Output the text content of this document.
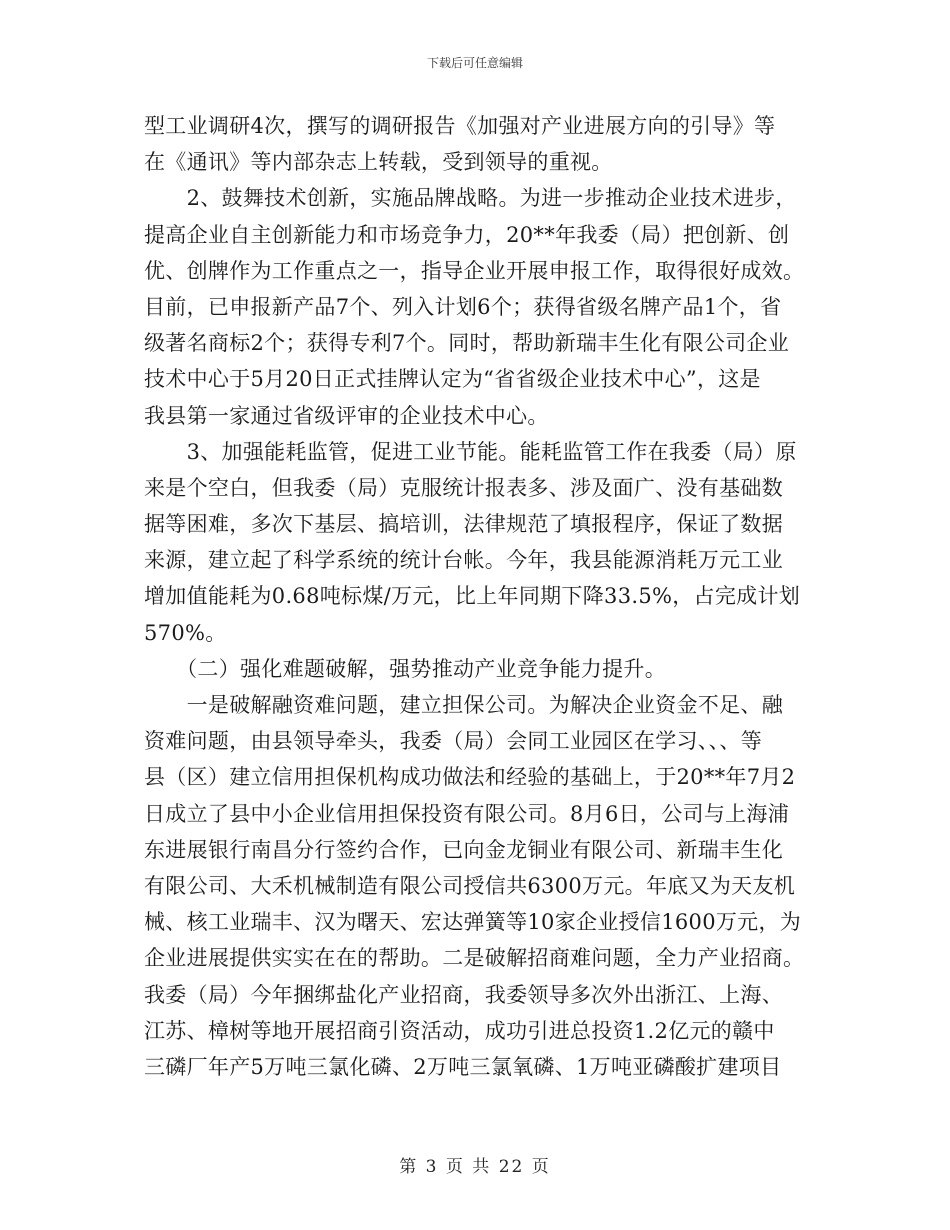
下载后可任意编辑
型工业调研4次，撰写的调研报告《加强对产业进展方向的引导》等
在《通讯》等内部杂志上转载，受到领导的重视。
　　2、鼓舞技术创新，实施品牌战略。为进一步推动企业技术进步，
提高企业自主创新能力和市场竞争力，20**年我委（局）把创新、创
优、创牌作为工作重点之一，指导企业开展申报工作，取得很好成效。
目前，已申报新产品7个、列入计划6个；获得省级名牌产品1个，省
级著名商标2个；获得专利7个。同时，帮助新瑞丰生化有限公司企业
技术中心于5月20日正式挂牌认定为“省省级企业技术中心”，这是
我县第一家通过省级评审的企业技术中心。
　　3、加强能耗监管，促进工业节能。能耗监管工作在我委（局）原
来是个空白，但我委（局）克服统计报表多、涉及面广、没有基础数
据等困难，多次下基层、搞培训，法律规范了填报程序，保证了数据
来源，建立起了科学系统的统计台帐。今年，我县能源消耗万元工业
增加值能耗为0.68吨标煤/万元，比上年同期下降33.5%，占完成计划
570%。
　　（二）强化难题破解，强势推动产业竞争能力提升。
　　一是破解融资难问题，建立担保公司。为解决企业资金不足、融
资难问题，由县领导牵头，我委（局）会同工业园区在学习、、、等
县（区）建立信用担保机构成功做法和经验的基础上，于20**年7月2
日成立了县中小企业信用担保投资有限公司。8月6日，公司与上海浦
东进展银行南昌分行签约合作，已向金龙铜业有限公司、新瑞丰生化
有限公司、大禾机械制造有限公司授信共6300万元。年底又为天友机
械、核工业瑞丰、汉为曙天、宏达弹簧等10家企业授信1600万元，为
企业进展提供实实在在的帮助。二是破解招商难问题，全力产业招商。
我委（局）今年捆绑盐化产业招商，我委领导多次外出浙江、上海、
江苏、樟树等地开展招商引资活动，成功引进总投资1.2亿元的赣中
三磷厂年产5万吨三氯化磷、2万吨三氯氧磷、1万吨亚磷酸扩建项目
第 3 页 共 22 页
